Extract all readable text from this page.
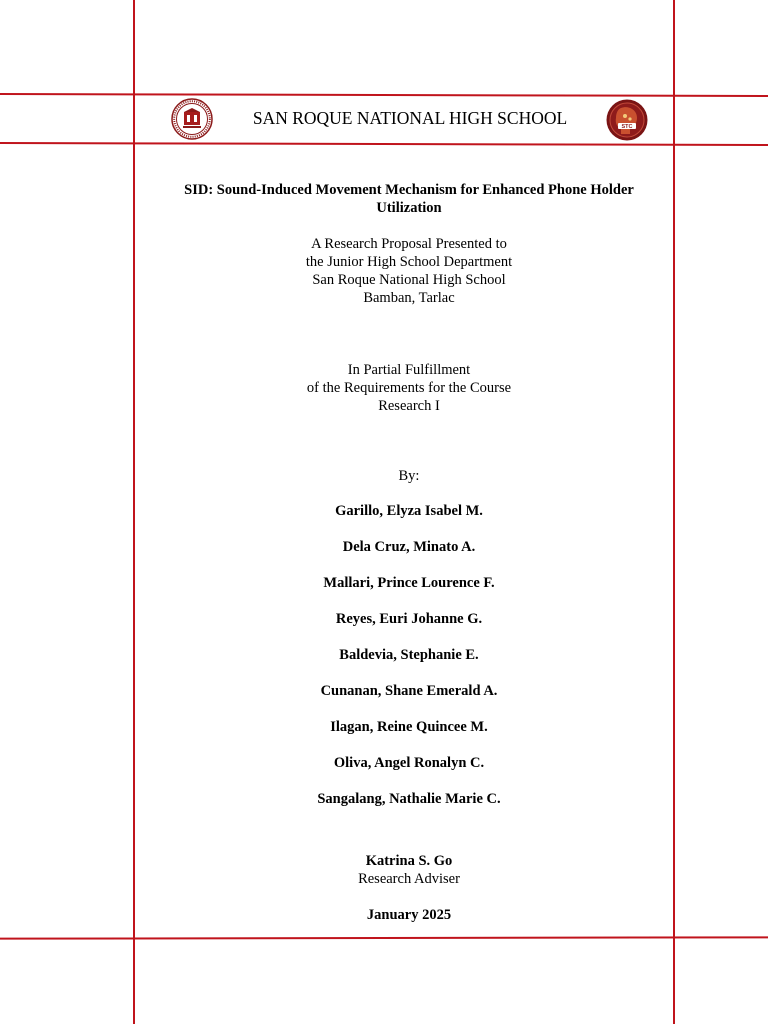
SAN ROQUE NATIONAL HIGH SCHOOL	STC

SID: Sound-Induced Movement Mechanism for Enhanced Phone Holder

Utilization

A Research Proposal Presented to

the Junior High School Department

San Roque National High School

Bamban, Tarlac

In Partial Fulfillment

of the Requirements for the Course

Research I

By:

Garillo, Elyza Isabel M.

Dela Cruz, Minato A.

Mallari, Prince Lourence F.

Reyes, Euri Johanne G.

Baldevia, Stephanie E.

Cunanan, Shane Emerald A.

Ilagan, Reine Quincee M.

Oliva, Angel Ronalyn C.

Sangalang, Nathalie Marie C.

Katrina S. Go

Research Adviser

January 2025
